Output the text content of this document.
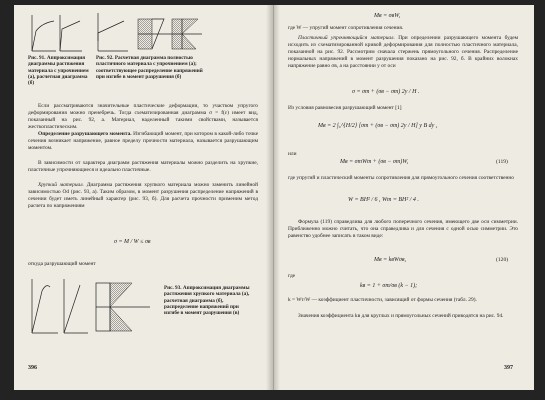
Рис. 91. Аппроксимация диаграммы растяжения материала с упрочнением (а), расчетная диаграмма (б)

Рис. 92. Расчетная диаграмма полностью пластичного материала с упрочнением (а); соответствующее распределение напряжений при изгибе в момент разрушения (б)

Если рассматриваются значительные пластические деформации, то участком упругого деформирования можно пренебречь. Тогда схематизированная диаграмма σ = f(ε) имеет вид, показанный на рис. 92, а. Материал, наделенный такими свойствами, называется жесткопластическим.

Определение разрушающего момента. Изгибающий момент, при котором в какой-либо точке сечения возникает напряжение, равное пределу прочности материала, называется разрушающим моментом.

В зависимости от характера диаграмм растяжения материалы можно разделить на хрупкие, пластичные упрочняющиеся и идеально пластичные.

Хрупкий материал. Диаграмма растяжения хрупкого материала можно заменить линейной зависимостью Оd (рис. 93, а). Таким образом, в момент разрушения распределение напряжений в сечении будет иметь линейный характер (рис. 93, б). Для расчета прочности применим метод расчета по напряжениям

σ = M / W ≤ σв

откуда разрушающий момент

Рис. 93. Аппроксимация диаграммы растяжения хрупкого материала (а), расчетная диаграмма (б), распределение напряжений при изгибе в момент разрушения (в)

396
Mв = σвW,

где W — упругий момент сопротивления сечения.

Пластичный упрочняющийся материал. При определении разрушающего момента будем исходить из схематизированной кривой деформирования для полностью пластичного материала, показанной на рис. 92. Рассмотрим сначала стержень прямоугольного сечения. Распределение нормальных напряжений в момент разрушения показано на рис. 92, б. В крайних волокнах напряжение равно σв, а на расстоянии y от оси

σ = σт + (σв − σт) 2y / H .

Из условия равновесия разрушающий момент [1]

Mв = 2 ∫₀^{H/2} [σт + (σв − σт) 2y / H] y B dy ,

или

Mв = σтWт + (σв − σт)W,	(119)

где упругий и пластический моменты сопротивления для прямоугольного сечения соответственно

W = BH² / 6 , Wт = BH² / 4 .

Формула (119) справедлива для любого поперечного сечения, имеющего две оси симметрии. Приближенно можно считать, что она справедлива и для сечения с одной осью симметрии. Это равенство удобнее записать в таком виде:

Mв = kвWσв,	(120)

где

kв = 1 + σт/σв (k − 1);

k = Wт/W — коэффициент пластичности, зависящий от формы сечения (табл. 29).

Значения коэффициента kв для круглых и прямоугольных сечений приводятся на рис. 94.

397
